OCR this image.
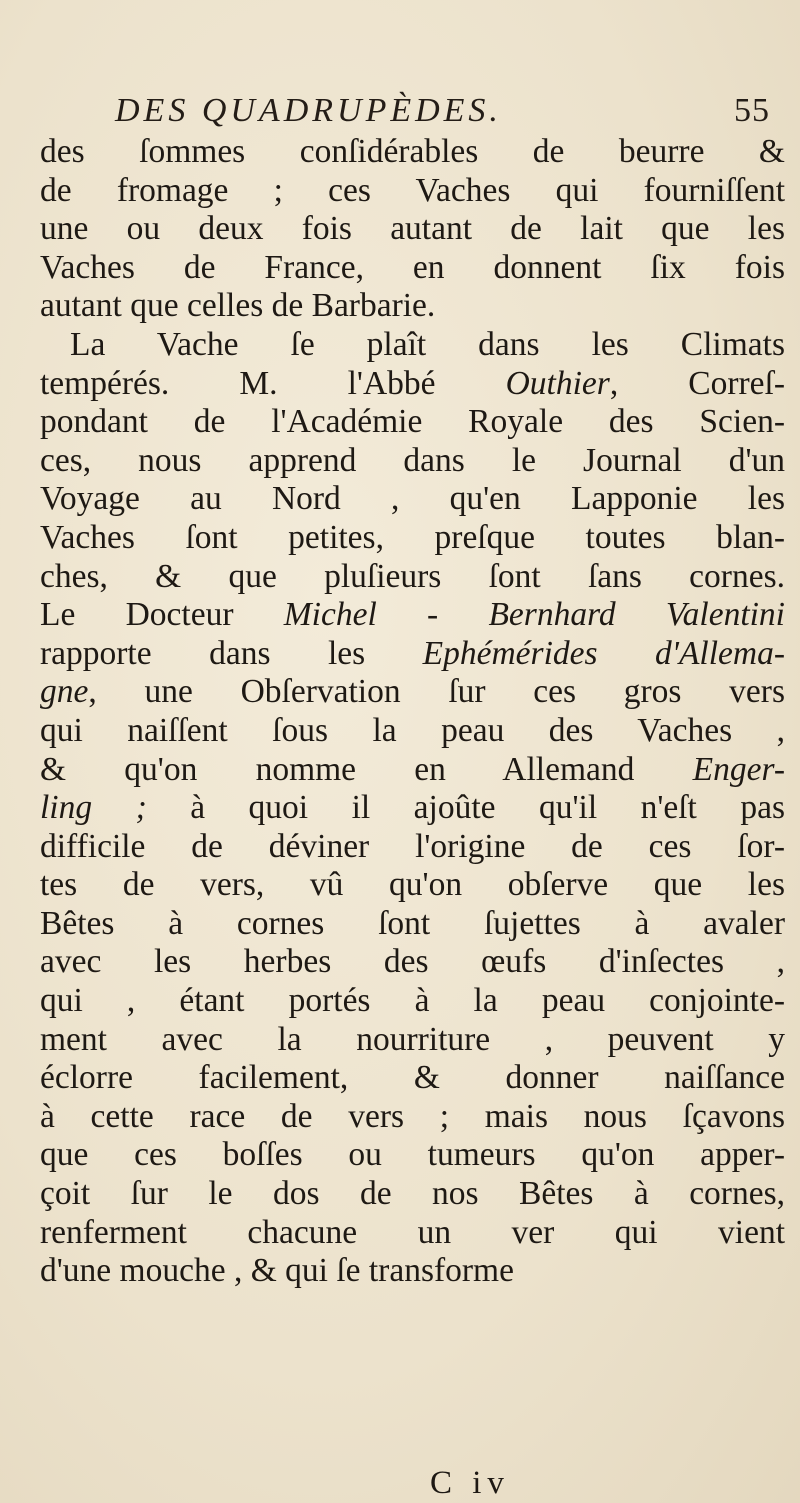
DES QUADRUPÈDES.	55
des ſommes conſidérables de beurre &
de fromage ; ces Vaches qui fourniſſent
une ou deux fois autant de lait que les
Vaches de France, en donnent ſix fois
autant que celles de Barbarie.
La Vache ſe plaît dans les Climats
tempérés. M. l'Abbé Outhier, Correſ-
pondant de l'Académie Royale des Scien-
ces, nous apprend dans le Journal d'un
Voyage au Nord , qu'en Lapponie les
Vaches ſont petites, preſque toutes blan-
ches, & que pluſieurs ſont ſans cornes.
Le Docteur Michel - Bernhard Valentini
rapporte dans les Ephémérides d'Allema-
gne, une Obſervation ſur ces gros vers
qui naiſſent ſous la peau des Vaches ,
& qu'on nomme en Allemand Enger-
ling ; à quoi il ajoûte qu'il n'eſt pas
difficile de déviner l'origine de ces ſor-
tes de vers, vû qu'on obſerve que les
Bêtes à cornes ſont ſujettes à avaler
avec les herbes des œufs d'inſectes ,
qui , étant portés à la peau conjointe-
ment avec la nourriture , peuvent y
éclorre facilement, & donner naiſſance
à cette race de vers ; mais nous ſçavons
que ces boſſes ou tumeurs qu'on apper-
çoit ſur le dos de nos Bêtes à cornes,
renferment chacune un ver qui vient
d'une mouche , & qui ſe transforme
C iv
